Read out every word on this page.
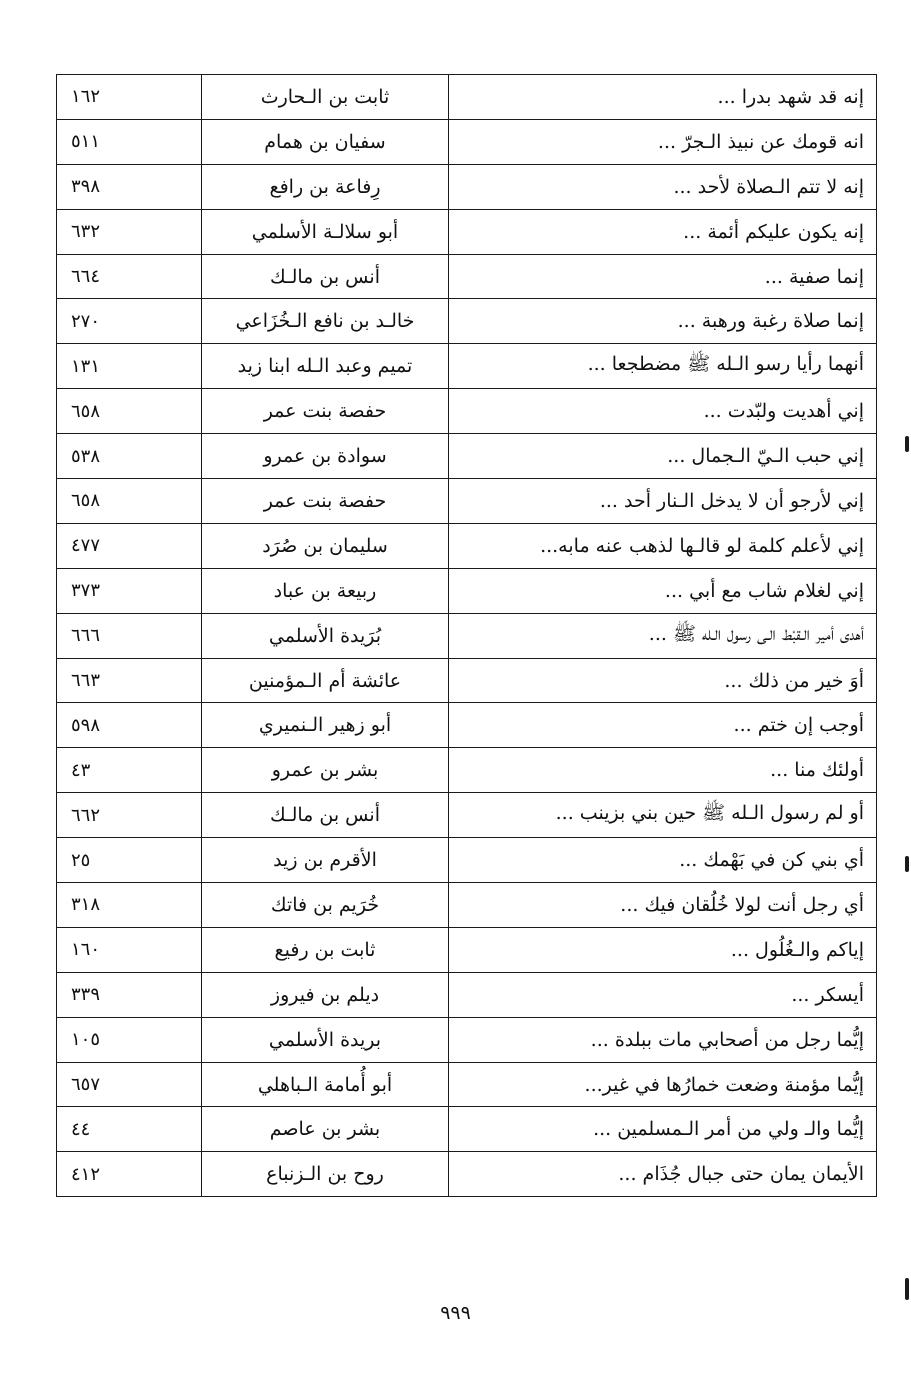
إنه قد شهد بدرا ...	ثابت بن الـحارث	١٦٢
انه قومك عن نبيذ الـجرّ ...	سفيان بن همام	٥١١
إنه لا تتم الـصلاة لأحد ...	رِفاعة بن رافع	٣٩٨
إنه يكون عليكم أئمة ...	أبو سلالـة الأسلمي	٦٣٢
إنما صفية ...	أنس بن مالـك	٦٦٤
إنما صلاة رغبة ورهبة ...	خالـد بن نافع الـخُزَاعي	٢٧٠
أنهما رأيا رسو الـله ﷺ مضطجعا ...	تميم وعبد الـله ابنا زيد	١٣١
إني أهديت ولبّدت ...	حفصة بنت عمر	٦٥٨
إني حبب الـيّ الـجمال ...	سوادة بن عمرو	٥٣٨
إني لأرجو أن لا يدخل الـنار أحد ...	حفصة بنت عمر	٦٥٨
إني لأعلم كلمة لو قالـها لذهب عنه مابه...	سليمان بن صُرَد	٤٧٧
إني لغلام شاب مع أبي ...	ربيعة بن عباد	٣٧٣
أهدى أمير الـقبْط الـى رسول الـله ﷺ ...	بُرَيدة الأسلمي	٦٦٦
أوَ خير من ذلك ...	عائشة أم الـمؤمنين	٦٦٣
أوجب إن ختم ...	أبو زهير الـنميري	٥٩٨
أولئك منا ...	بشر بن عمرو	٤٣
أو لم رسول الـله ﷺ حين بني بزينب ...	أنس بن مالـك	٦٦٢
أي بني كن في بَهْمك ...	الأقرم بن زيد	٢٥
أي رجل أنت لولا خُلُقان فيك ...	خُرَيم بن فاتك	٣١٨
إياكم والـغُلُول ...	ثابت بن رفيع	١٦٠
أيسكر ...	ديلم بن فيروز	٣٣٩
إيُّما رجل من أصحابي مات ببلدة ...	بريدة الأسلمي	١٠٥
إيُّما مؤمنة وضعت خمارُها في غير...	أبو أُمامة الـباهلي	٦٥٧
إيُّما والـ ولي من أمر الـمسلمين ...	بشر بن عاصم	٤٤
الأيمان يمان حتى جبال جُذَام ...	روح بن الـزنباع	٤١٢
٩٩٩
